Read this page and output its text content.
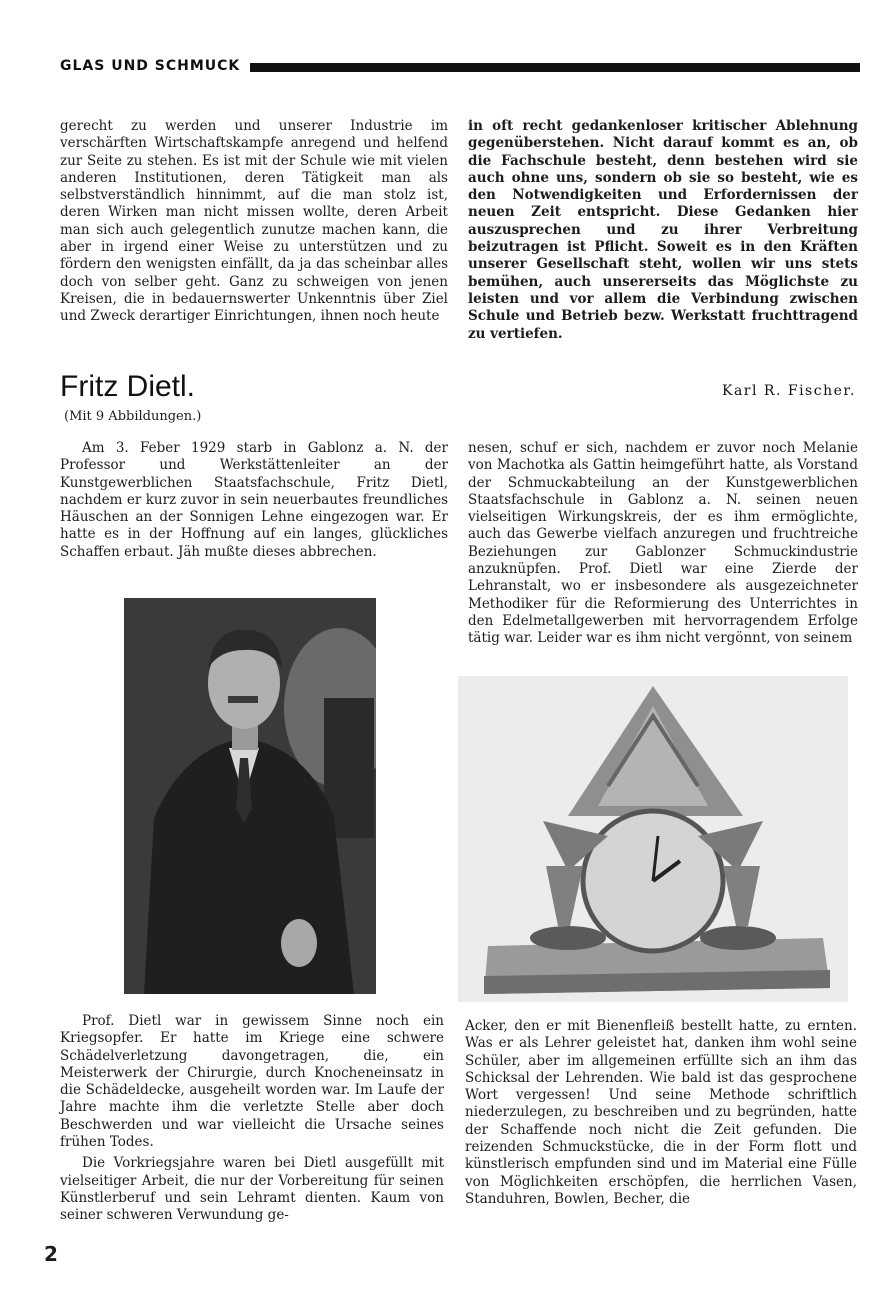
GLAS UND SCHMUCK

gerecht zu werden und unserer Industrie im verschärften Wirtschaftskampfe anregend und helfend zur Seite zu stehen. Es ist mit der Schule wie mit vielen anderen Institutionen, deren Tätigkeit man als selbstverständlich hinnimmt, auf die man stolz ist, deren Wirken man nicht missen wollte, deren Arbeit man sich auch gelegentlich zunutze machen kann, die aber in irgend einer Weise zu unterstützen und zu fördern den wenigsten einfällt, da ja das scheinbar alles doch von selber geht. Ganz zu schweigen von jenen Kreisen, die in bedauernswerter Unkenntnis über Ziel und Zweck derartiger Einrichtungen, ihnen noch heute

in oft recht gedankenloser kritischer Ablehnung gegenüberstehen. Nicht darauf kommt es an, ob die Fachschule besteht, denn bestehen wird sie auch ohne uns, sondern ob sie so besteht, wie es den Notwendigkeiten und Erfordernissen der neuen Zeit entspricht. Diese Gedanken hier auszusprechen und zu ihrer Verbreitung beizutragen ist Pflicht. Soweit es in den Kräften unserer Gesellschaft steht, wollen wir uns stets bemühen, auch unsererseits das Möglichste zu leisten und vor allem die Verbindung zwischen Schule und Betrieb bezw. Werkstatt fruchttragend zu vertiefen.

Fritz Dietl.	Karl R. Fischer.
(Mit 9 Abbildungen.)

Am 3. Feber 1929 starb in Gablonz a. N. der Professor und Werkstättenleiter an der Kunstgewerblichen Staatsfachschule, Fritz Dietl, nachdem er kurz zuvor in sein neuerbautes freundliches Häuschen an der Sonnigen Lehne eingezogen war. Er hatte es in der Hoffnung auf ein langes, glückliches Schaffen erbaut. Jäh mußte dieses abbrechen.

nesen, schuf er sich, nachdem er zuvor noch Melanie von Machotka als Gattin heimgeführt hatte, als Vorstand der Schmuckabteilung an der Kunstgewerblichen Staatsfachschule in Gablonz a. N. seinen neuen vielseitigen Wirkungskreis, der es ihm ermöglichte, auch das Gewerbe vielfach anzuregen und fruchtreiche Beziehungen zur Gablonzer Schmuckindustrie anzuknüpfen. Prof. Dietl war eine Zierde der Lehranstalt, wo er insbesondere als ausgezeichneter Methodiker für die Reformierung des Unterrichtes in den Edelmetallgewerben mit hervorragendem Erfolge tätig war. Leider war es ihm nicht vergönnt, von seinem

Prof. Dietl war in gewissem Sinne noch ein Kriegsopfer. Er hatte im Kriege eine schwere Schädelverletzung davongetragen, die, ein Meisterwerk der Chirurgie, durch Knocheneinsatz in die Schädeldecke, ausgeheilt worden war. Im Laufe der Jahre machte ihm die verletzte Stelle aber doch Beschwerden und war vielleicht die Ursache seines frühen Todes.

Die Vorkriegsjahre waren bei Dietl ausgefüllt mit vielseitiger Arbeit, die nur der Vorbereitung für seinen Künstlerberuf und sein Lehramt dienten. Kaum von seiner schweren Verwundung ge-

Acker, den er mit Bienenfleiß bestellt hatte, zu ernten. Was er als Lehrer geleistet hat, danken ihm wohl seine Schüler, aber im allgemeinen erfüllte sich an ihm das Schicksal der Lehrenden. Wie bald ist das gesprochene Wort vergessen! Und seine Methode schriftlich niederzulegen, zu beschreiben und zu begründen, hatte der Schaffende noch nicht die Zeit gefunden. Die reizenden Schmuckstücke, die in der Form flott und künstlerisch empfunden sind und im Material eine Fülle von Möglichkeiten erschöpfen, die herrlichen Vasen, Standuhren, Bowlen, Becher, die

2
